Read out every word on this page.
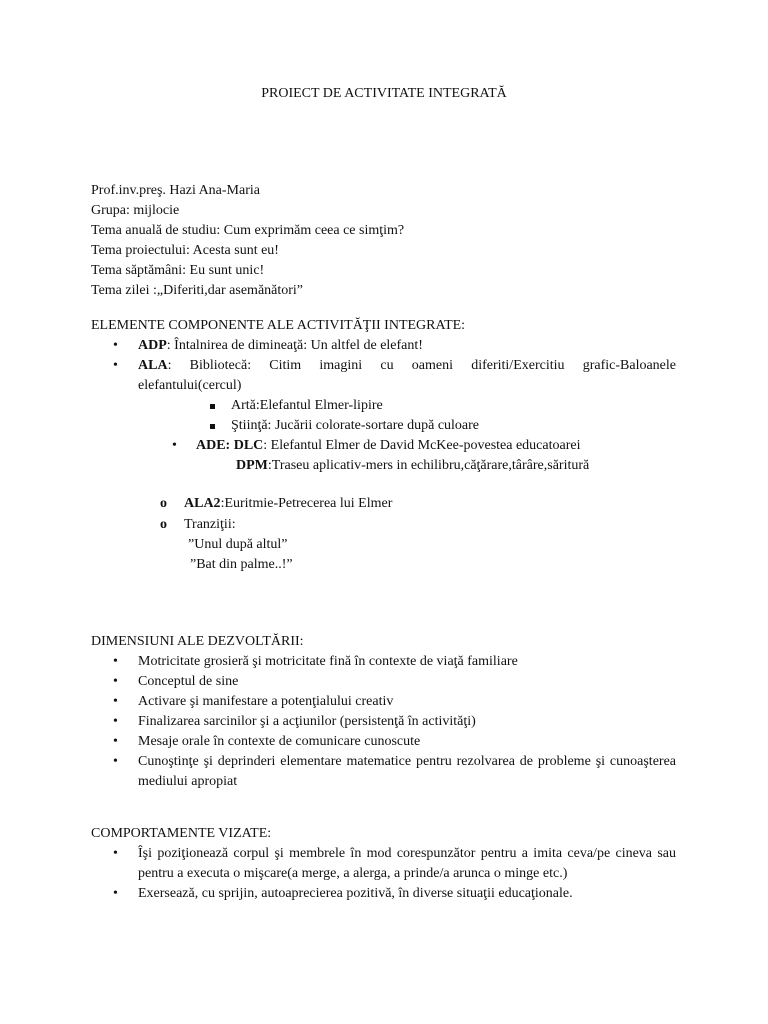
PROIECT DE ACTIVITATE INTEGRATĂ
Prof.inv.preş. Hazi Ana-Maria
Grupa: mijlocie
Tema anuală de studiu: Cum exprimăm ceea ce simţim?
Tema proiectului: Acesta sunt eu!
Tema săptămâni: Eu sunt unic!
Tema zilei :„Diferiti,dar asemănători”
ELEMENTE COMPONENTE ALE ACTIVITĂŢII INTEGRATE:
• ADP: Întalnirea de dimineaţă: Un altfel de elefant!
• ALA: Bibliotecă: Citim imagini cu oameni diferiti/Exercitiu grafic-Baloanele elefantului(cercul)
Artă:Elefantul Elmer-lipire
Ştiinţă: Jucării colorate-sortare după culoare
• ADE: DLC: Elefantul Elmer de David McKee-povestea educatoarei
DPM:Traseu aplicativ-mers in echilibru,căţărare,târâre,săritură
o ALA2:Euritmie-Petrecerea lui Elmer
o Tranziţii:
”Unul după altul”
”Bat din palme..!”
DIMENSIUNI ALE DEZVOLTĂRII:
• Motricitate grosieră şi motricitate fină în contexte de viaţă familiare
• Conceptul de sine
• Activare şi manifestare a potenţialului creativ
• Finalizarea sarcinilor şi a acţiunilor (persistenţă în activităţi)
• Mesaje orale în contexte de comunicare cunoscute
• Cunoştinţe şi deprinderi elementare matematice pentru rezolvarea de probleme şi cunoaşterea mediului apropiat
COMPORTAMENTE VIZATE:
• Îşi poziţionează corpul şi membrele în mod corespunzător pentru a imita ceva/pe cineva sau pentru a executa o mişcare(a merge, a alerga, a prinde/a arunca o minge etc.)
• Exersează, cu sprijin, autoaprecierea pozitivă, în diverse situaţii educaţionale.
